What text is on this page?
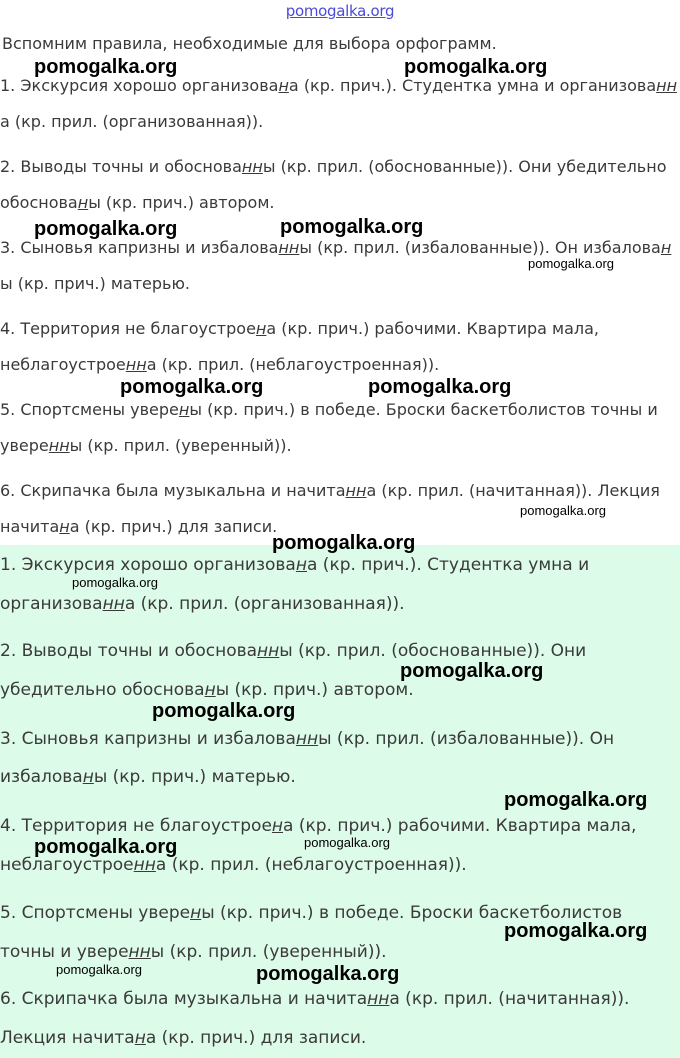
pomogalka.org
Вспомним правила, необходимые для выбора орфограмм.
1. Экскурсия хорошо организована (кр. прич.). Студентка умна и организованн
а (кр. прил. (организованная)).
2. Выводы точны и обоснованны (кр. прил. (обоснованные)). Они убедительно
обоснованы (кр. прич.) автором.
3. Сыновья капризны и избалованны (кр. прил. (избалованные)). Он избалован
ы (кр. прич.) матерью.
4. Территория не благоустроена (кр. прич.) рабочими. Квартира мала,
неблагоустроенна (кр. прил. (неблагоустроенная)).
5. Спортсмены уверены (кр. прич.) в победе. Броски баскетболистов точны и
уверенны (кр. прил. (уверенный)).
6. Скрипачка была музыкальна и начитанна (кр. прил. (начитанная)). Лекция
начитана (кр. прич.) для записи.
1. Экскурсия хорошо организована (кр. прич.). Студентка умна и
организованна (кр. прил. (организованная)).
2. Выводы точны и обоснованны (кр. прил. (обоснованные)). Они
убедительно обоснованы (кр. прич.) автором.
3. Сыновья капризны и избалованны (кр. прил. (избалованные)). Он
избалованы (кр. прич.) матерью.
4. Территория не благоустроена (кр. прич.) рабочими. Квартира мала,
неблагоустроенна (кр. прил. (неблагоустроенная)).
5. Спортсмены уверены (кр. прич.) в победе. Броски баскетболистов
точны и уверенны (кр. прил. (уверенный)).
6. Скрипачка была музыкальна и начитанна (кр. прил. (начитанная)).
Лекция начитана (кр. прич.) для записи.
pomogalka.org	pomogalka.org
pomogalka.org	pomogalka.org
pomogalka.org
pomogalka.org	pomogalka.org
pomogalka.org
pomogalka.org
pomogalka.org
pomogalka.org
pomogalka.org
pomogalka.org
pomogalka.org	pomogalka.org
pomogalka.org
pomogalka.org	pomogalka.org
